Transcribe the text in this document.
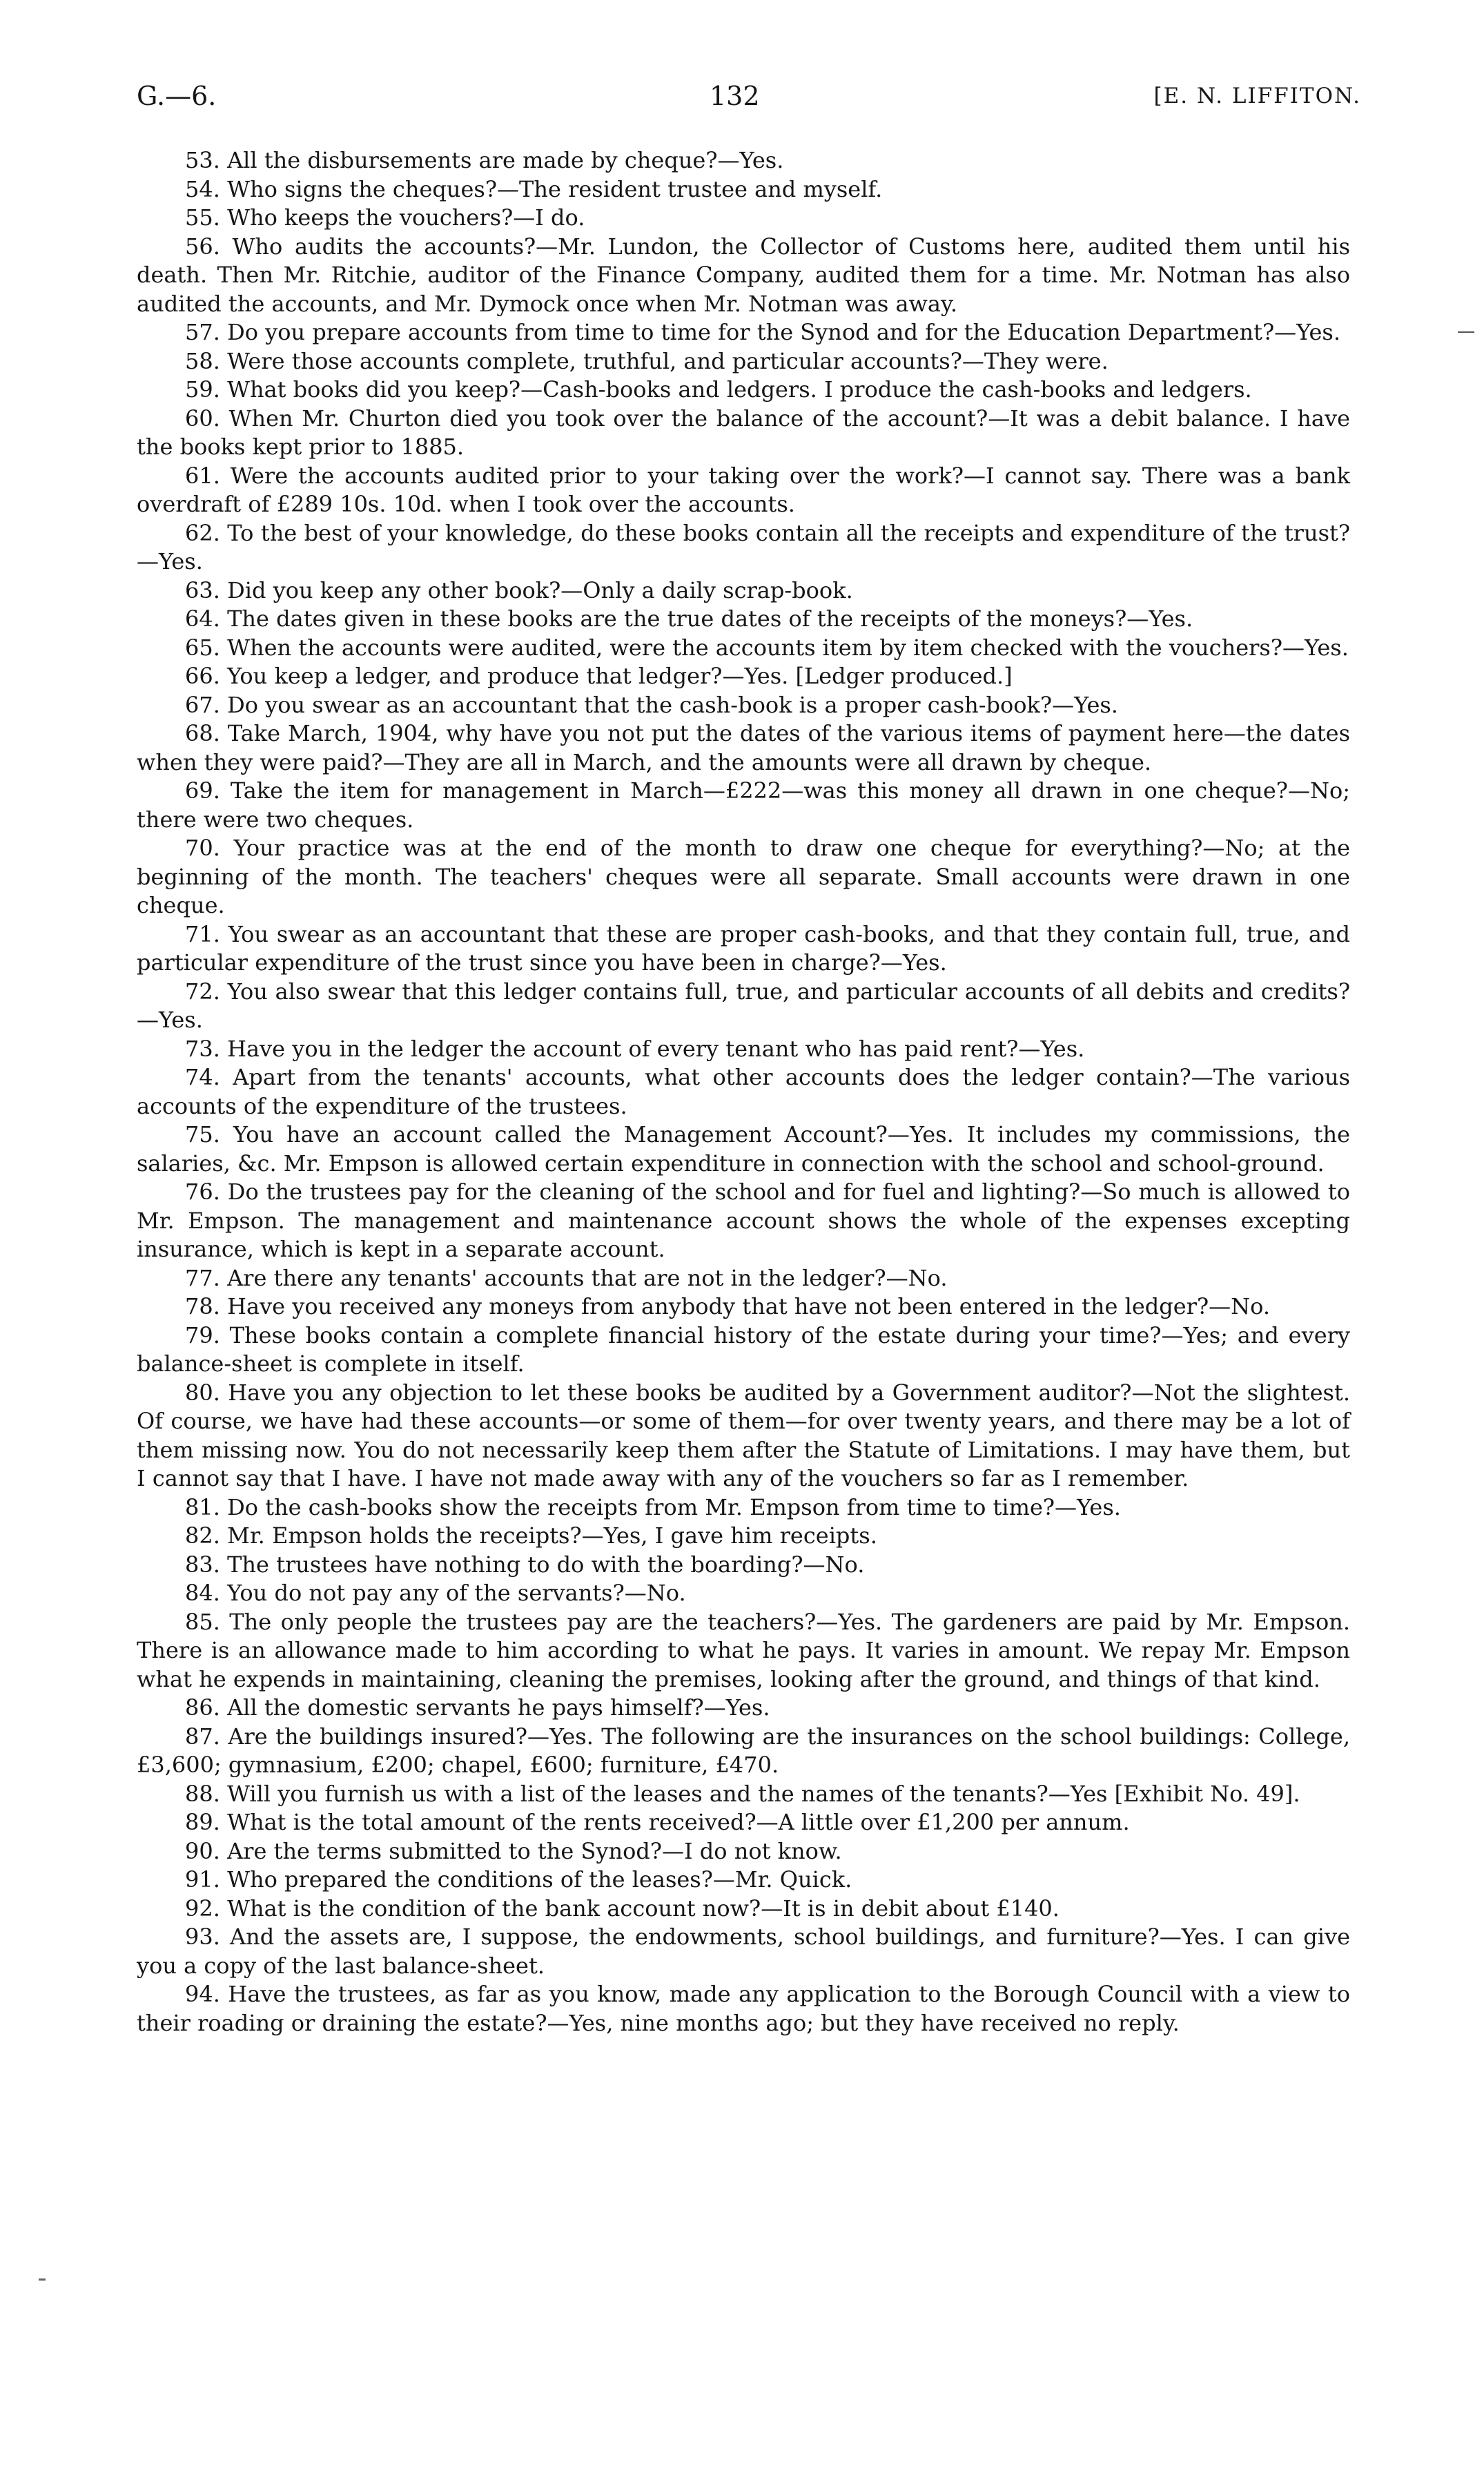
G.—6.	132	[E. N. LIFFITON.

53. All the disbursements are made by cheque?—Yes.

54. Who signs the cheques?—The resident trustee and myself.

55. Who keeps the vouchers?—I do.

56. Who audits the accounts?—Mr. Lundon, the Collector of Customs here, audited them until his death. Then Mr. Ritchie, auditor of the Finance Company, audited them for a time. Mr. Notman has also audited the accounts, and Mr. Dymock once when Mr. Notman was away.

57. Do you prepare accounts from time to time for the Synod and for the Education Department?—Yes.

58. Were those accounts complete, truthful, and particular accounts?—They were.

59. What books did you keep?—Cash-books and ledgers. I produce the cash-books and ledgers.

60. When Mr. Churton died you took over the balance of the account?—It was a debit balance. I have the books kept prior to 1885.

61. Were the accounts audited prior to your taking over the work?—I cannot say. There was a bank overdraft of £289 10s. 10d. when I took over the accounts.

62. To the best of your knowledge, do these books contain all the receipts and expenditure of the trust?—Yes.

63. Did you keep any other book?—Only a daily scrap-book.

64. The dates given in these books are the true dates of the receipts of the moneys?—Yes.

65. When the accounts were audited, were the accounts item by item checked with the vouchers?—Yes.

66. You keep a ledger, and produce that ledger?—Yes. [Ledger produced.]

67. Do you swear as an accountant that the cash-book is a proper cash-book?—Yes.

68. Take March, 1904, why have you not put the dates of the various items of payment here—the dates when they were paid?—They are all in March, and the amounts were all drawn by cheque.

69. Take the item for management in March—£222—was this money all drawn in one cheque?—No; there were two cheques.

70. Your practice was at the end of the month to draw one cheque for everything?—No; at the beginning of the month. The teachers' cheques were all separate. Small accounts were drawn in one cheque.

71. You swear as an accountant that these are proper cash-books, and that they contain full, true, and particular expenditure of the trust since you have been in charge?—Yes.

72. You also swear that this ledger contains full, true, and particular accounts of all debits and credits?—Yes.

73. Have you in the ledger the account of every tenant who has paid rent?—Yes.

74. Apart from the tenants' accounts, what other accounts does the ledger contain?—The various accounts of the expenditure of the trustees.

75. You have an account called the Management Account?—Yes. It includes my commissions, the salaries, &c. Mr. Empson is allowed certain expenditure in connection with the school and school-ground.

76. Do the trustees pay for the cleaning of the school and for fuel and lighting?—So much is allowed to Mr. Empson. The management and maintenance account shows the whole of the expenses excepting insurance, which is kept in a separate account.

77. Are there any tenants' accounts that are not in the ledger?—No.

78. Have you received any moneys from anybody that have not been entered in the ledger?—No.

79. These books contain a complete financial history of the estate during your time?—Yes; and every balance-sheet is complete in itself.

80. Have you any objection to let these books be audited by a Government auditor?—Not the slightest. Of course, we have had these accounts—or some of them—for over twenty years, and there may be a lot of them missing now. You do not necessarily keep them after the Statute of Limitations. I may have them, but I cannot say that I have. I have not made away with any of the vouchers so far as I remember.

81. Do the cash-books show the receipts from Mr. Empson from time to time?—Yes.

82. Mr. Empson holds the receipts?—Yes, I gave him receipts.

83. The trustees have nothing to do with the boarding?—No.

84. You do not pay any of the servants?—No.

85. The only people the trustees pay are the teachers?—Yes. The gardeners are paid by Mr. Empson. There is an allowance made to him according to what he pays. It varies in amount. We repay Mr. Empson what he expends in maintaining, cleaning the premises, looking after the ground, and things of that kind.

86. All the domestic servants he pays himself?—Yes.

87. Are the buildings insured?—Yes. The following are the insurances on the school buildings: College, £3,600; gymnasium, £200; chapel, £600; furniture, £470.

88. Will you furnish us with a list of the leases and the names of the tenants?—Yes [Exhibit No. 49].

89. What is the total amount of the rents received?—A little over £1,200 per annum.

90. Are the terms submitted to the Synod?—I do not know.

91. Who prepared the conditions of the leases?—Mr. Quick.

92. What is the condition of the bank account now?—It is in debit about £140.

93. And the assets are, I suppose, the endowments, school buildings, and furniture?—Yes. I can give you a copy of the last balance-sheet.

94. Have the trustees, as far as you know, made any application to the Borough Council with a view to their roading or draining the estate?—Yes, nine months ago; but they have received no reply.
